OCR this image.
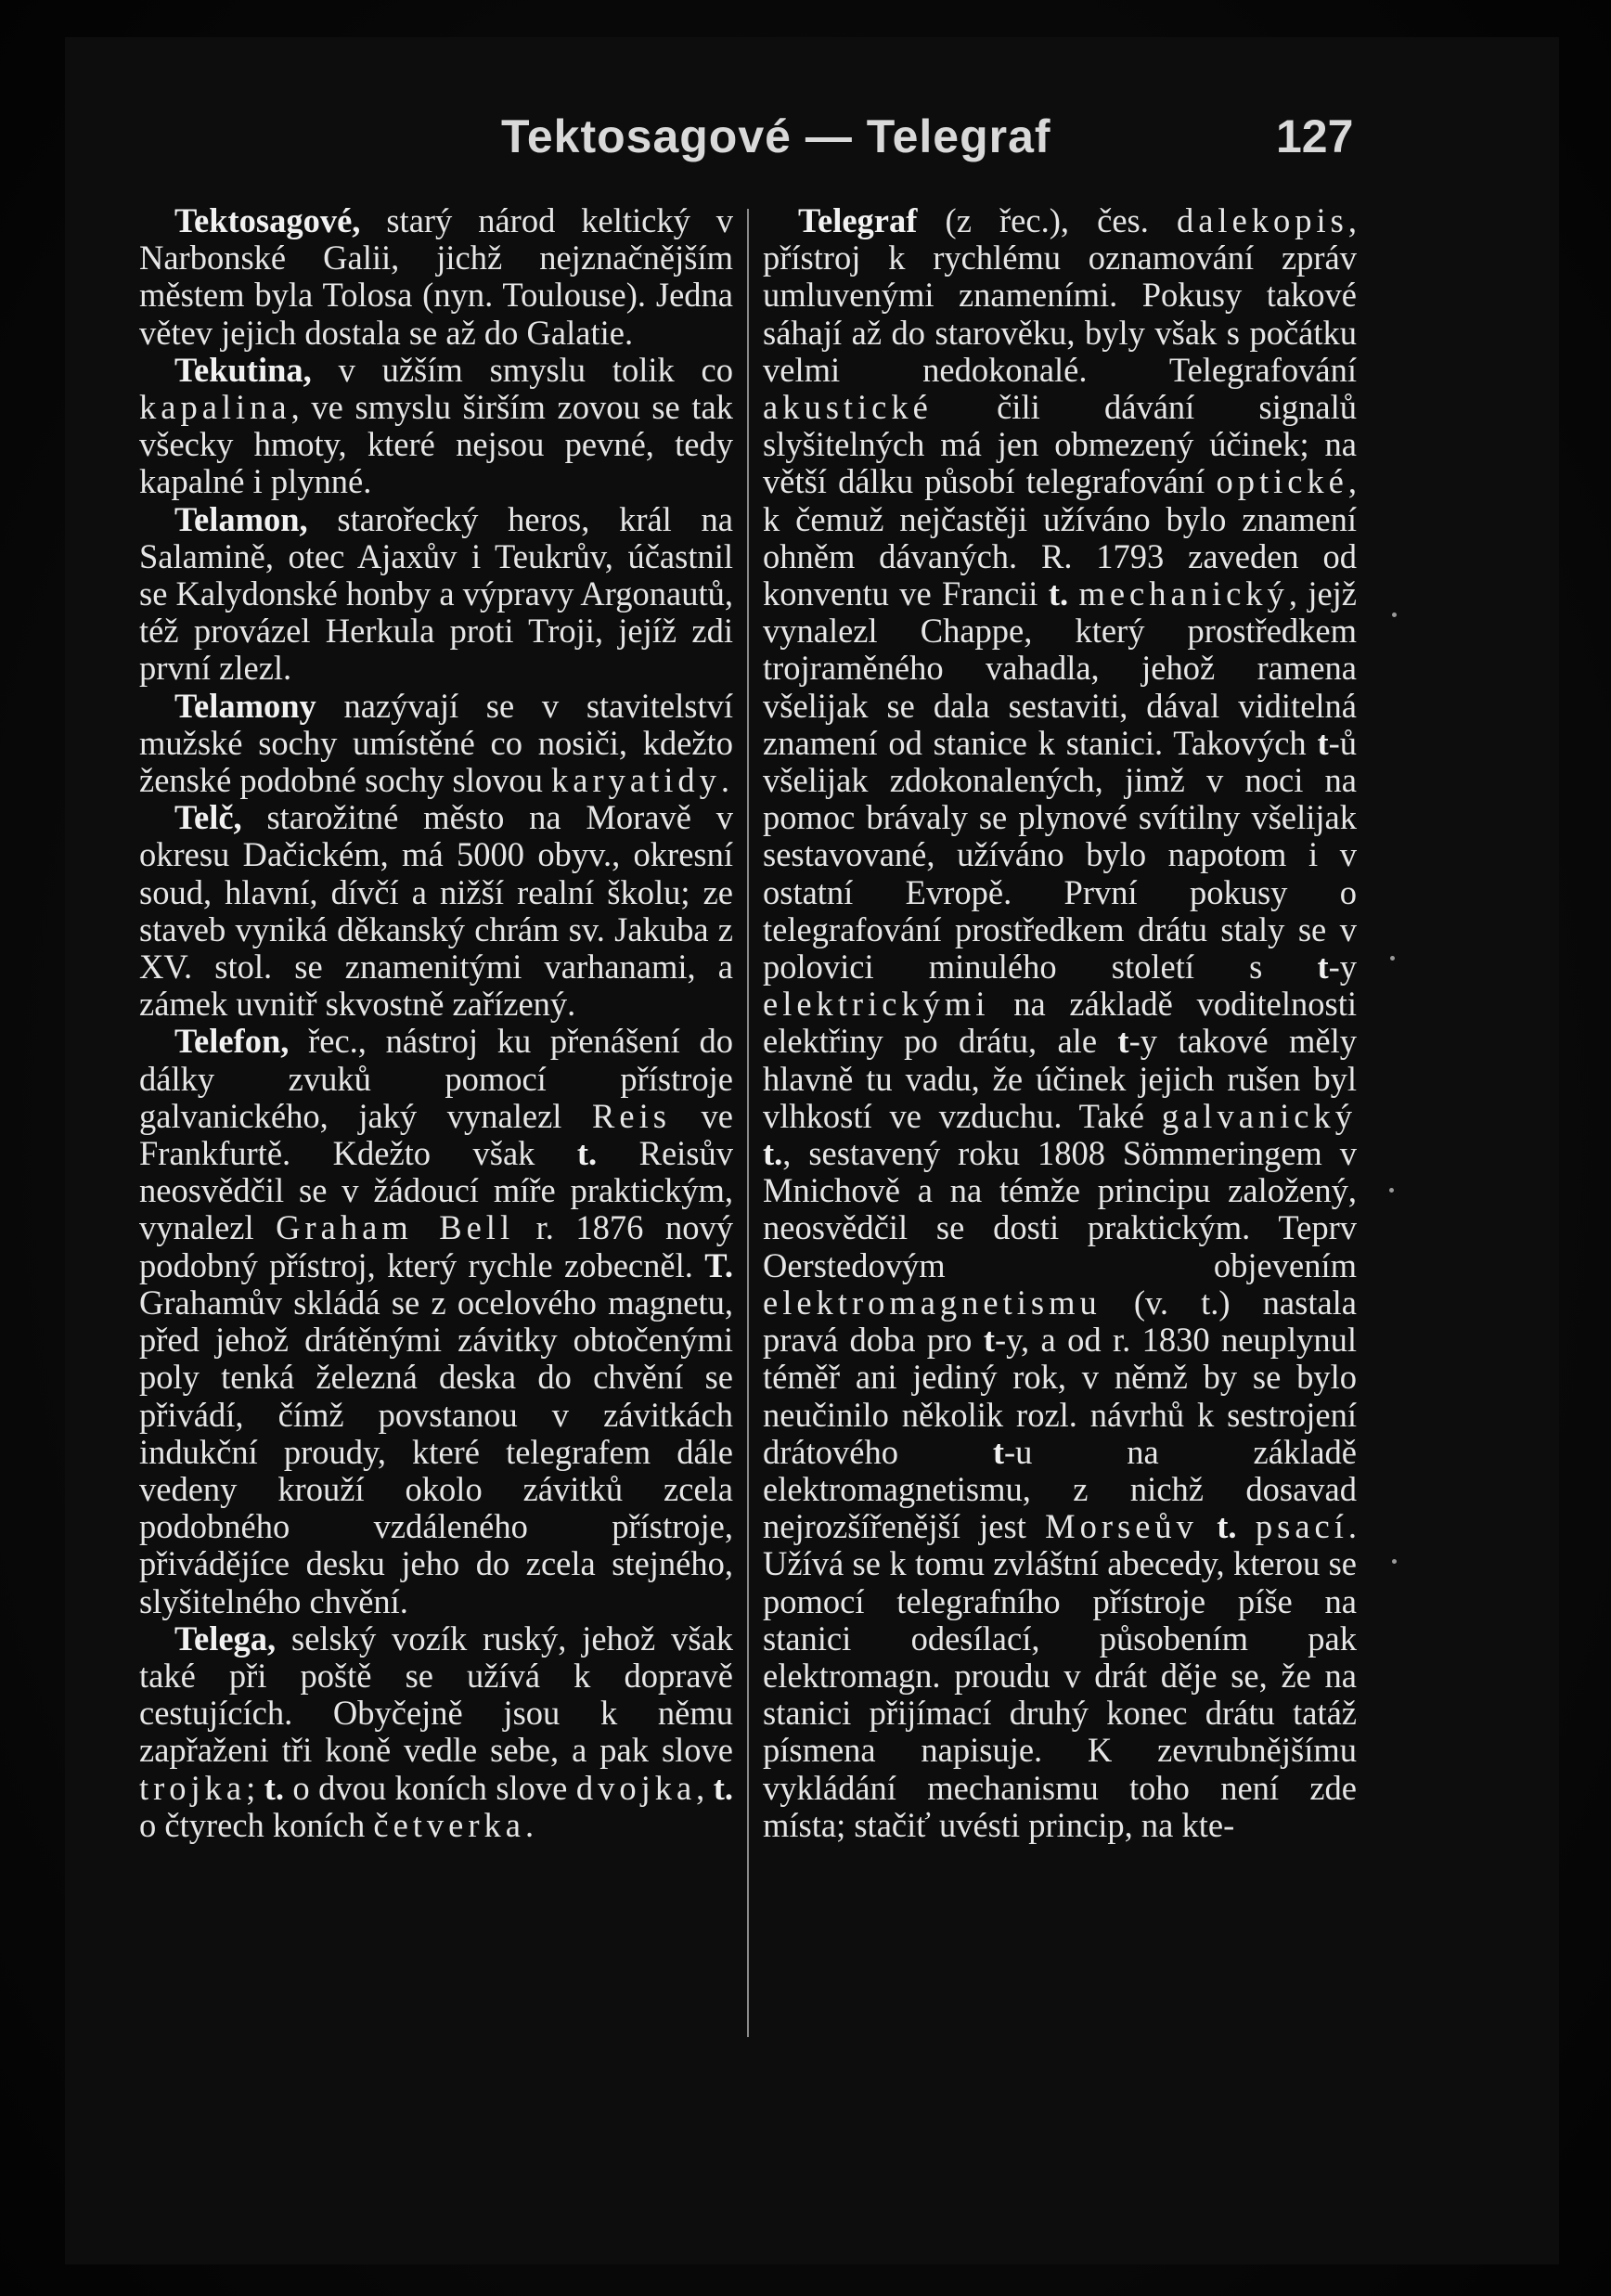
Tektosagové — Telegraf	127

Tektosagové, starý národ keltický v Narbonské Galii, jichž nejznačnějším městem byla Tolosa (nyn. Toulouse). Jedna větev jejich dostala se až do Galatie.

Tekutina, v užším smyslu tolik co kapalina, ve smyslu širším zovou se tak všecky hmoty, které nejsou pevné, tedy kapalné i plynné.

Telamon, starořecký heros, král na Salamině, otec Ajaxův i Teukrův, účastnil se Kalydonské honby a výpravy Argonautů, též provázel Herkula proti Troji, jejíž zdi první zlezl.

Telamony nazývají se v stavitelství mužské sochy umístěné co nosiči, kdežto ženské podobné sochy slovou karyatidy.

Telč, starožitné město na Moravě v okresu Dačickém, má 5000 obyv., okresní soud, hlavní, dívčí a nižší realní školu; ze staveb vyniká děkanský chrám sv. Jakuba z XV. stol. se znamenitými varhanami, a zámek uvnitř skvostně zařízený.

Telefon, řec., nástroj ku přenášení do dálky zvuků pomocí přístroje galvanického, jaký vynalezl Reis ve Frankfurtě. Kdežto však t. Reisův neosvědčil se v žádoucí míře praktickým, vynalezl Graham Bell r. 1876 nový podobný přístroj, který rychle zobecněl. T. Grahamův skládá se z ocelového magnetu, před jehož drátěnými závitky obtočenými poly tenká železná deska do chvění se přivádí, čímž povstanou v závitkách indukční proudy, které telegrafem dále vedeny krouží okolo závitků zcela podobného vzdáleného přístroje, přivádějíce desku jeho do zcela stejného, slyšitelného chvění.

Telega, selský vozík ruský, jehož však také při poště se užívá k dopravě cestujících. Obyčejně jsou k němu zapřaženi tři koně vedle sebe, a pak slove trojka; t. o dvou koních slove dvojka, t. o čtyrech koních četverka.

Telegraf (z řec.), čes. dalekopis, přístroj k rychlému oznamování zpráv umluvenými znameními. Pokusy takové sáhají až do starověku, byly však s počátku velmi nedokonalé. Telegrafování akustické čili dávání signalů slyšitelných má jen obmezený účinek; na větší dálku působí telegrafování optické, k čemuž nejčastěji užíváno bylo znamení ohněm dávaných. R. 1793 zaveden od konventu ve Francii t. mechanický, jejž vynalezl Chappe, který prostředkem trojraměného vahadla, jehož ramena všelijak se dala sestaviti, dával viditelná znamení od stanice k stanici. Takových t-ů všelijak zdokonalených, jimž v noci na pomoc brávaly se plynové svítilny všelijak sestavované, užíváno bylo napotom i v ostatní Evropě. První pokusy o telegrafování prostředkem drátu staly se v polovici minulého století s t-y elektrickými na základě voditelnosti elektřiny po drátu, ale t-y takové měly hlavně tu vadu, že účinek jejich rušen byl vlhkostí ve vzduchu. Také galvanický t., sestavený roku 1808 Sömmeringem v Mnichově a na témže principu založený, neosvědčil se dosti praktickým. Teprv Oerstedovým objevením elektromagnetismu (v. t.) nastala pravá doba pro t-y, a od r. 1830 neuplynul téměř ani jediný rok, v němž by se bylo neučinilo několik rozl. návrhů k sestrojení drátového t-u na základě elektromagnetismu, z nichž dosavad nejrozšířenější jest Morseův t. psací. Užívá se k tomu zvláštní abecedy, kterou se pomocí telegrafního přístroje píše na stanici odesílací, působením pak elektromagn. proudu v drát děje se, že na stanici přijímací druhý konec drátu tatáž písmena napisuje. K zevrubnějšímu vykládání mechanismu toho není zde místa; stačiť uvésti princip, na kte-
